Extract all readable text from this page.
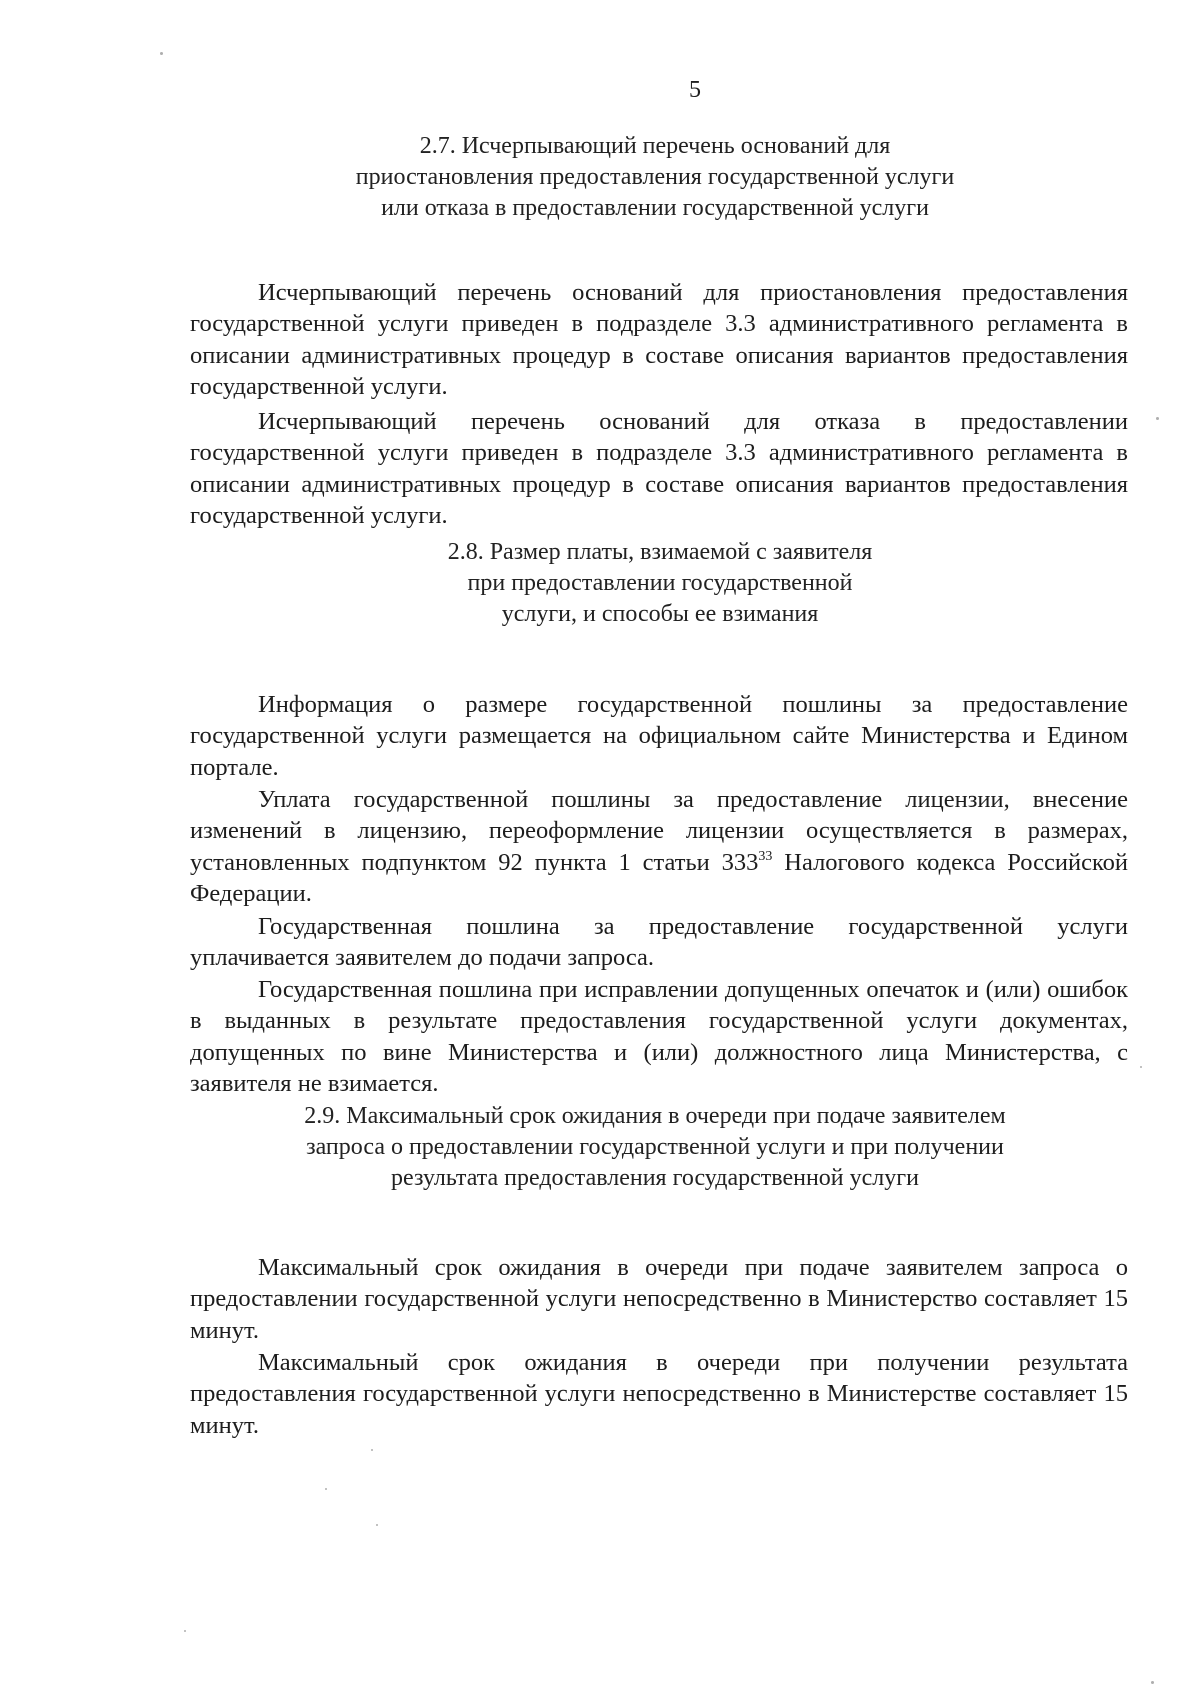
5
2.7. Исчерпывающий перечень оснований для
приостановления предоставления государственной услуги
или отказа в предоставлении государственной услуги

Исчерпывающий перечень оснований для приостановления предоставления государственной услуги приведен в подразделе 3.3 административного регламента в описании административных процедур в составе описания вариантов предоставления государственной услуги.

Исчерпывающий перечень оснований для отказа в предоставлении государственной услуги приведен в подразделе 3.3 административного регламента в описании административных процедур в составе описания вариантов предоставления государственной услуги.

2.8. Размер платы, взимаемой с заявителя
при предоставлении государственной
услуги, и способы ее взимания

Информация о размере государственной пошлины за предоставление государственной услуги размещается на официальном сайте Министерства и Едином портале.

Уплата государственной пошлины за предоставление лицензии, внесение изменений в лицензию, переоформление лицензии осуществляется в размерах, установленных подпунктом 92 пункта 1 статьи $333^{33}$ Налогового кодекса Российской Федерации.

Государственная пошлина за предоставление государственной услуги уплачивается заявителем до подачи запроса.

Государственная пошлина при исправлении допущенных опечаток и (или) ошибок в выданных в результате предоставления государственной услуги документах, допущенных по вине Министерства и (или) должностного лица Министерства, с заявителя не взимается.

2.9. Максимальный срок ожидания в очереди при подаче заявителем
запроса о предоставлении государственной услуги и при получении
результата предоставления государственной услуги

Максимальный срок ожидания в очереди при подаче заявителем запроса о предоставлении государственной услуги непосредственно в Министерство составляет 15 минут.

Максимальный срок ожидания в очереди при получении результата предоставления государственной услуги непосредственно в Министерстве составляет 15 минут.
